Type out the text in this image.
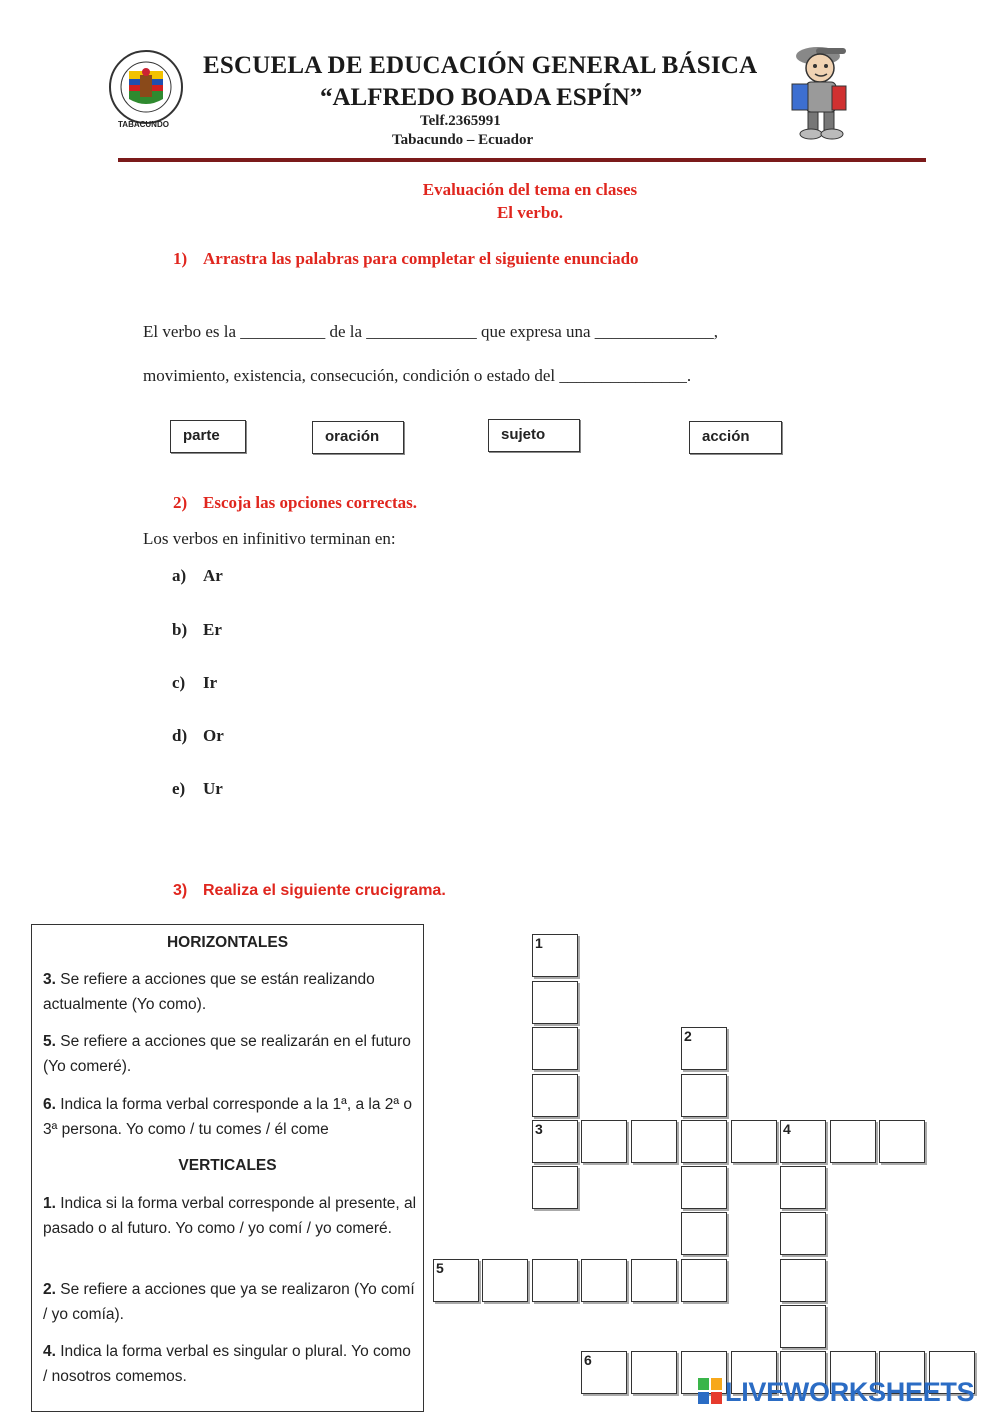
TABACUNDO
ESCUELA DE EDUCACIÓN GENERAL BÁSICA
“ALFREDO BOADA ESPÍN”
Telf.2365991
Tabacundo – Ecuador
Evaluación del tema en clases
El verbo.
1) Arrastra las palabras para completar el siguiente enunciado
El verbo es la __________ de la _____________ que expresa una ______________,
movimiento, existencia, consecución, condición o estado del _______________.
parte	oración	sujeto	acción
2) Escoja las opciones correctas.
Los verbos en infinitivo terminan en:
a) Ar
b) Er
c) Ir
d) Or
e) Ur
3) Realiza el siguiente crucigrama.
HORIZONTALES
3. Se refiere a acciones que se están realizando actualmente (Yo como).
5. Se refiere a acciones que se realizarán en el futuro (Yo comeré).
6. Indica la forma verbal corresponde a la 1ª, a la 2ª o 3ª persona. Yo como / tu comes / él come
VERTICALES
1. Indica si la forma verbal corresponde al presente, al pasado o al futuro. Yo como / yo comí / yo comeré.
2. Se refiere a acciones que ya se realizaron (Yo comí / yo comía).
4. Indica la forma verbal es singular o plural. Yo como / nosotros comemos.
1
3
2
4
5
6
LIVEWORKSHEETS
